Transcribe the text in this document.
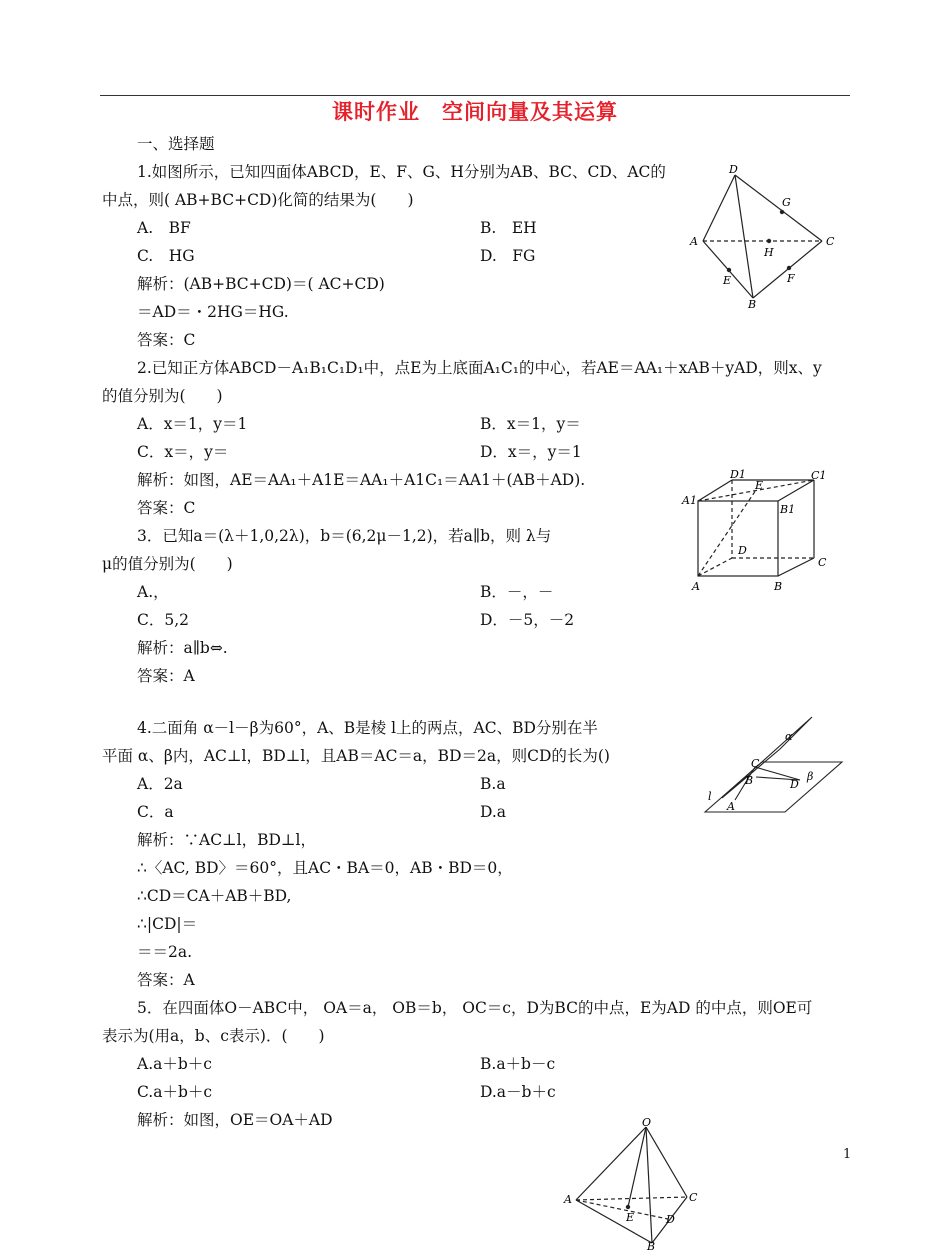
课时作业　空间向量及其运算
一、选择题
1.如图所示，已知四面体ABCD，E、F、G、H分别为AB、BC、CD、AC的
中点，则( AB+BC+CD)化简的结果为(　　)
A.　BF	B.　EH
C.　HG	D.　FG
解析：(AB+BC+CD)＝( AC+CD)
＝AD＝・2HG＝HG.
答案：C
2.已知正方体ABCD－A₁B₁C₁D₁中，点E为上底面A₁C₁的中心，若AE＝AA₁＋xAB＋yAD，则x、y
的值分别为(　　)
A．x＝1，y＝1	B．x＝1，y＝
C．x＝，y＝	D．x＝，y＝1
解析：如图，AE＝AA₁＋A1E＝AA₁＋A1C₁＝AA1＋(AB＋AD).
答案：C
3．已知a＝(λ＋1,0,2λ)，b＝(6,2μ－1,2)，若a∥b，则 λ与
μ的值分别为(　　)
A.，	B．－，－
C．5,2	D．－5，－2
解析：a∥b⇔.
答案：A
4.二面角 α－l－β为60°，A、B是棱 l上的两点，AC、BD分别在半
平面 α、β内，AC⊥l，BD⊥l，且AB＝AC＝a，BD＝2a，则CD的长为()
A．2a	B.a
C．a	D.a
解析：∵AC⊥l，BD⊥l，
∴〈AC, BD〉＝60°，且AC・BA＝0，AB・BD＝0，
∴CD＝CA＋AB＋BD,
∴|CD|＝
＝＝2a.
答案：A
5．在四面体O－ABC中， OA＝a， OB＝b， OC＝c，D为BC的中点，E为AD 的中点，则OE可
表示为(用a，b、c表示)．(　　)
A.a＋b＋c	B.a＋b－c
C.a＋b＋c	D.a－b＋c
解析：如图，OE＝OA＋AD
D
G
A
H
C
E	F
B
D1
E
C1
A1
B1
D
C
A	B
α
C
B	D
β
l
A
O
A
E
C
D
B
1
